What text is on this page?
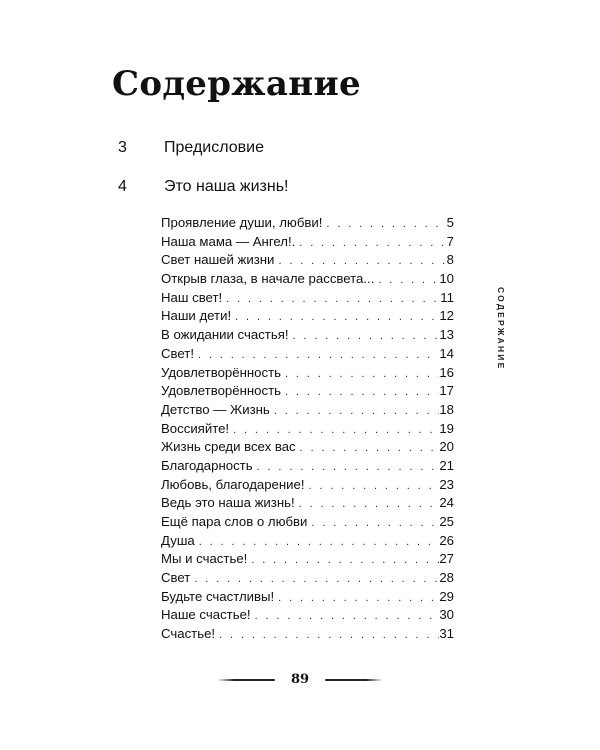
Содержание
3	Предисловие
4	Это наша жизнь!
Проявление души, любви! . . .	5
Наша мама — Ангел!. . . .	7
Свет нашей жизни . . .	8
Открыв глаза, в начале рассвета... . . .	10
Наш свет! . . .	11
Наши дети! . . .	12
В ожидании счастья! . . .	13
Свет! . . .	14
Удовлетворённость . . .	16
Удовлетворённость . . .	17
Детство — Жизнь . . .	18
Воссияйте! . . .	19
Жизнь среди всех вас . . .	20
Благодарность . . .	21
Любовь, благодарение! . . .	23
Ведь это наша жизнь! . . .	24
Ещё пара слов о любви . . .	25
Душа . . .	26
Мы и счастье! . . .	27
Свет . . .	28
Будьте счастливы! . . .	29
Наше счастье! . . .	30
Счастье! . . .	31
СОДЕРЖАНИЕ
89
